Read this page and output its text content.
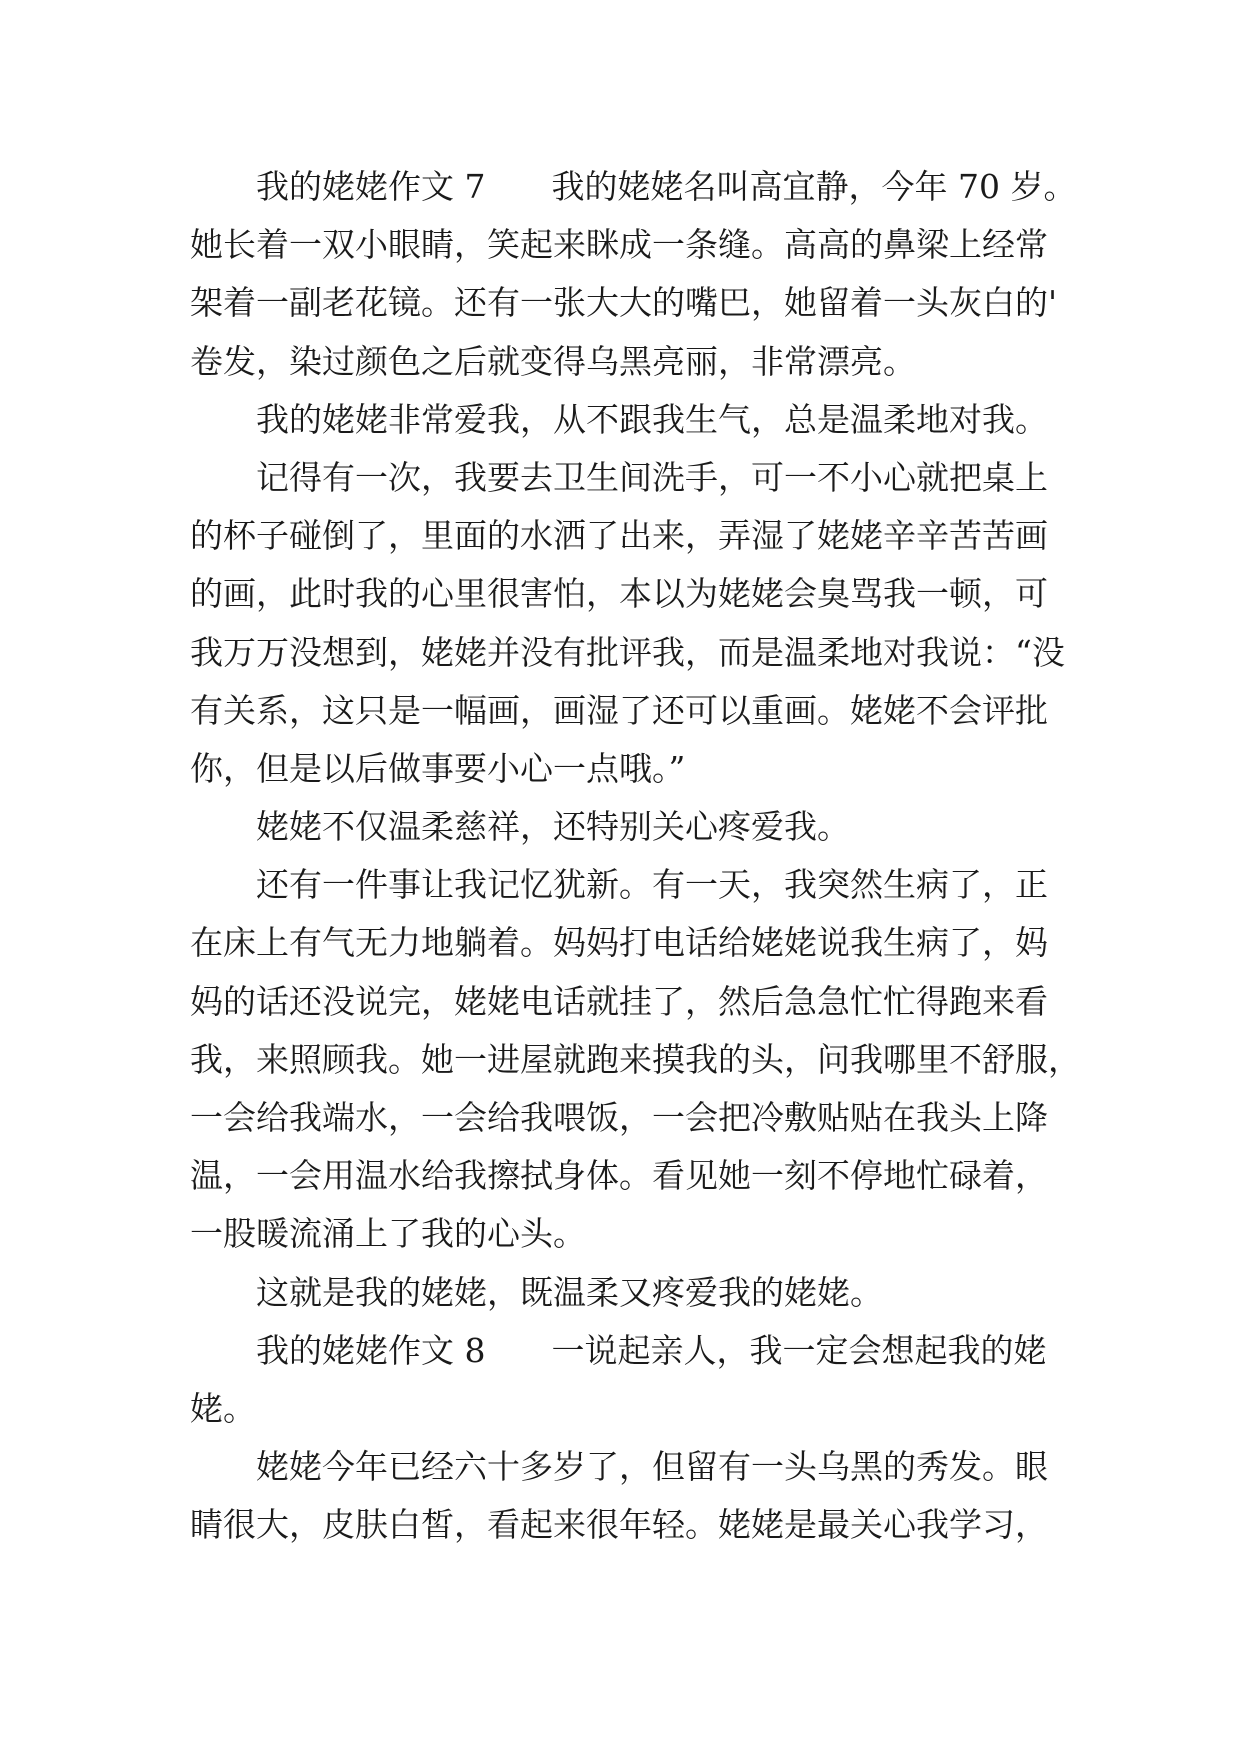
我的姥姥作文 7　　我的姥姥名叫高宜静，今年 70 岁。
她长着一双小眼睛，笑起来眯成一条缝。高高的鼻梁上经常
架着一副老花镜。还有一张大大的嘴巴，她留着一头灰白的'
卷发，染过颜色之后就变得乌黑亮丽，非常漂亮。
我的姥姥非常爱我，从不跟我生气，总是温柔地对我。
记得有一次，我要去卫生间洗手，可一不小心就把桌上
的杯子碰倒了，里面的水洒了出来，弄湿了姥姥辛辛苦苦画
的画，此时我的心里很害怕，本以为姥姥会臭骂我一顿，可
我万万没想到，姥姥并没有批评我，而是温柔地对我说：“没
有关系，这只是一幅画，画湿了还可以重画。姥姥不会评批
你，但是以后做事要小心一点哦。”
姥姥不仅温柔慈祥，还特别关心疼爱我。
还有一件事让我记忆犹新。有一天，我突然生病了，正
在床上有气无力地躺着。妈妈打电话给姥姥说我生病了，妈
妈的话还没说完，姥姥电话就挂了，然后急急忙忙得跑来看
我，来照顾我。她一进屋就跑来摸我的头，问我哪里不舒服，
一会给我端水，一会给我喂饭，一会把冷敷贴贴在我头上降
温，一会用温水给我擦拭身体。看见她一刻不停地忙碌着，
一股暖流涌上了我的心头。
这就是我的姥姥，既温柔又疼爱我的姥姥。
我的姥姥作文 8　　一说起亲人，我一定会想起我的姥
姥。
姥姥今年已经六十多岁了，但留有一头乌黑的秀发。眼
睛很大，皮肤白皙，看起来很年轻。姥姥是最关心我学习，
